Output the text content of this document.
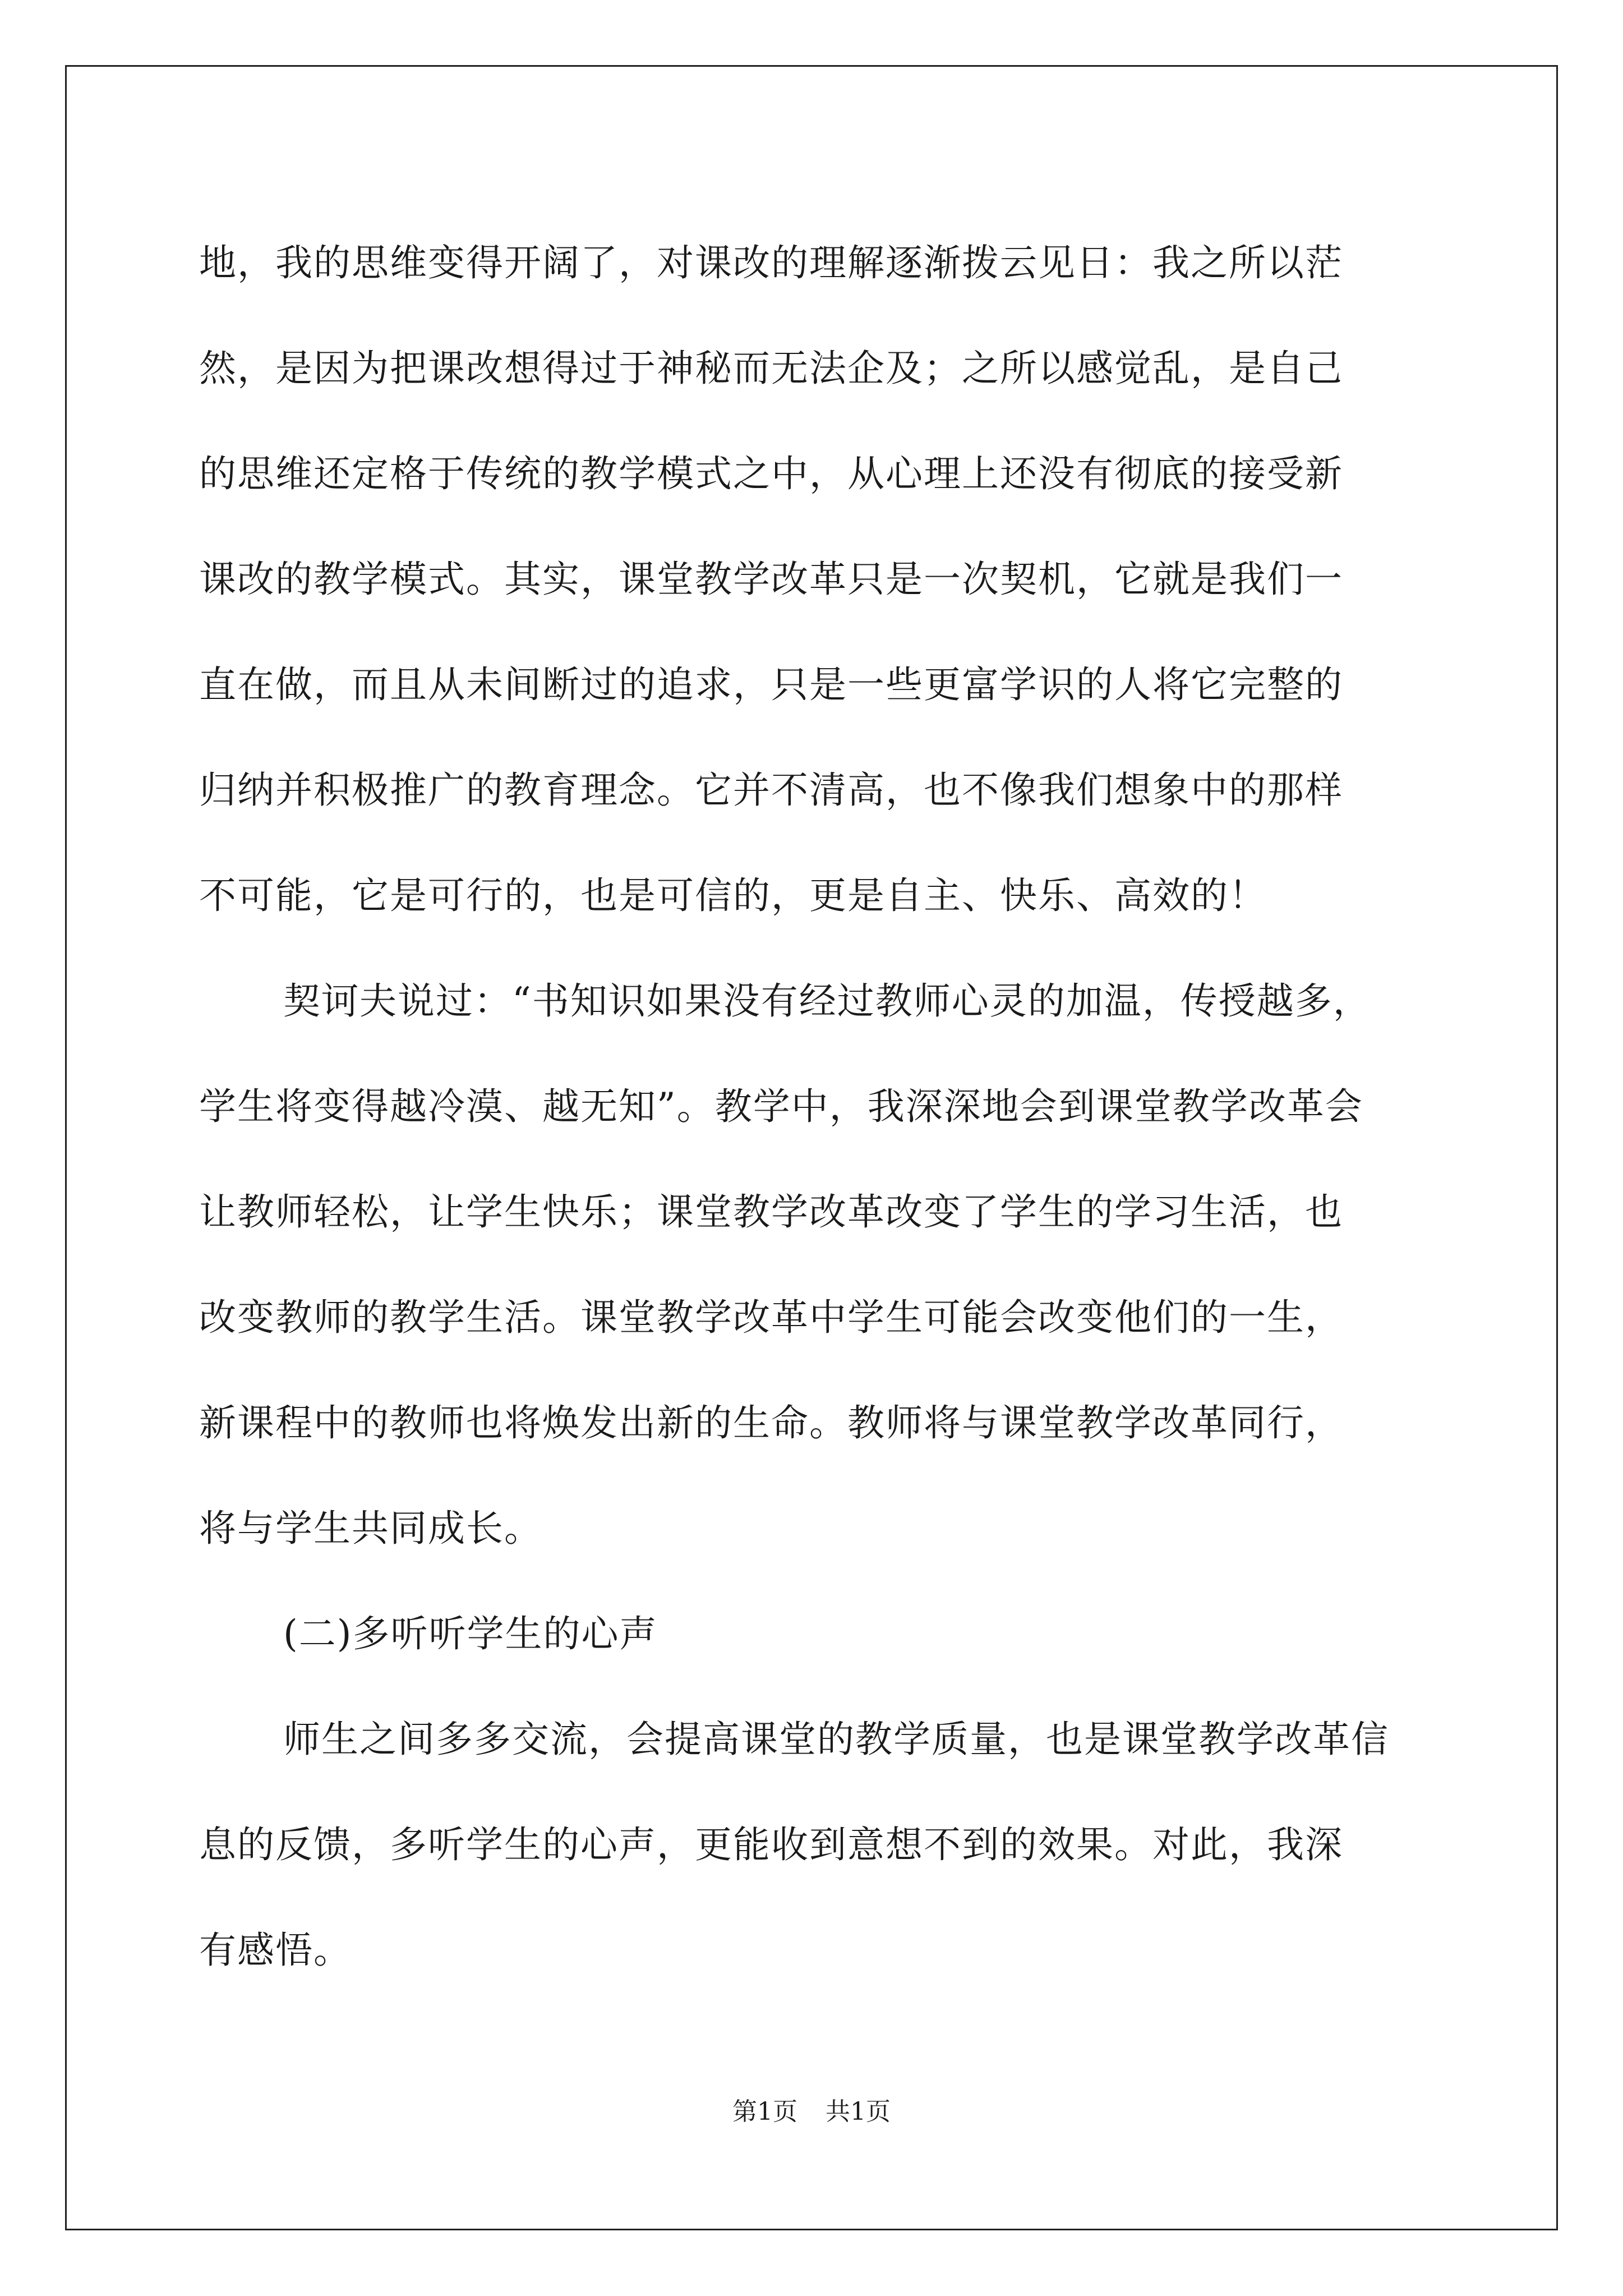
地，我的思维变得开阔了，对课改的理解逐渐拨云见日：我之所以茫
然，是因为把课改想得过于神秘而无法企及；之所以感觉乱，是自己
的思维还定格于传统的教学模式之中，从心理上还没有彻底的接受新
课改的教学模式。其实，课堂教学改革只是一次契机，它就是我们一
直在做，而且从未间断过的追求，只是一些更富学识的人将它完整的
归纳并积极推广的教育理念。它并不清高，也不像我们想象中的那样
不可能，它是可行的，也是可信的，更是自主、快乐、高效的！
契诃夫说过：“书知识如果没有经过教师心灵的加温，传授越多，
学生将变得越冷漠、越无知”。教学中，我深深地会到课堂教学改革会
让教师轻松，让学生快乐；课堂教学改革改变了学生的学习生活，也
改变教师的教学生活。课堂教学改革中学生可能会改变他们的一生，
新课程中的教师也将焕发出新的生命。教师将与课堂教学改革同行，
将与学生共同成长。
(二)多听听学生的心声
师生之间多多交流，会提高课堂的教学质量，也是课堂教学改革信
息的反馈，多听学生的心声，更能收到意想不到的效果。对此，我深
有感悟。
第1页 共1页
